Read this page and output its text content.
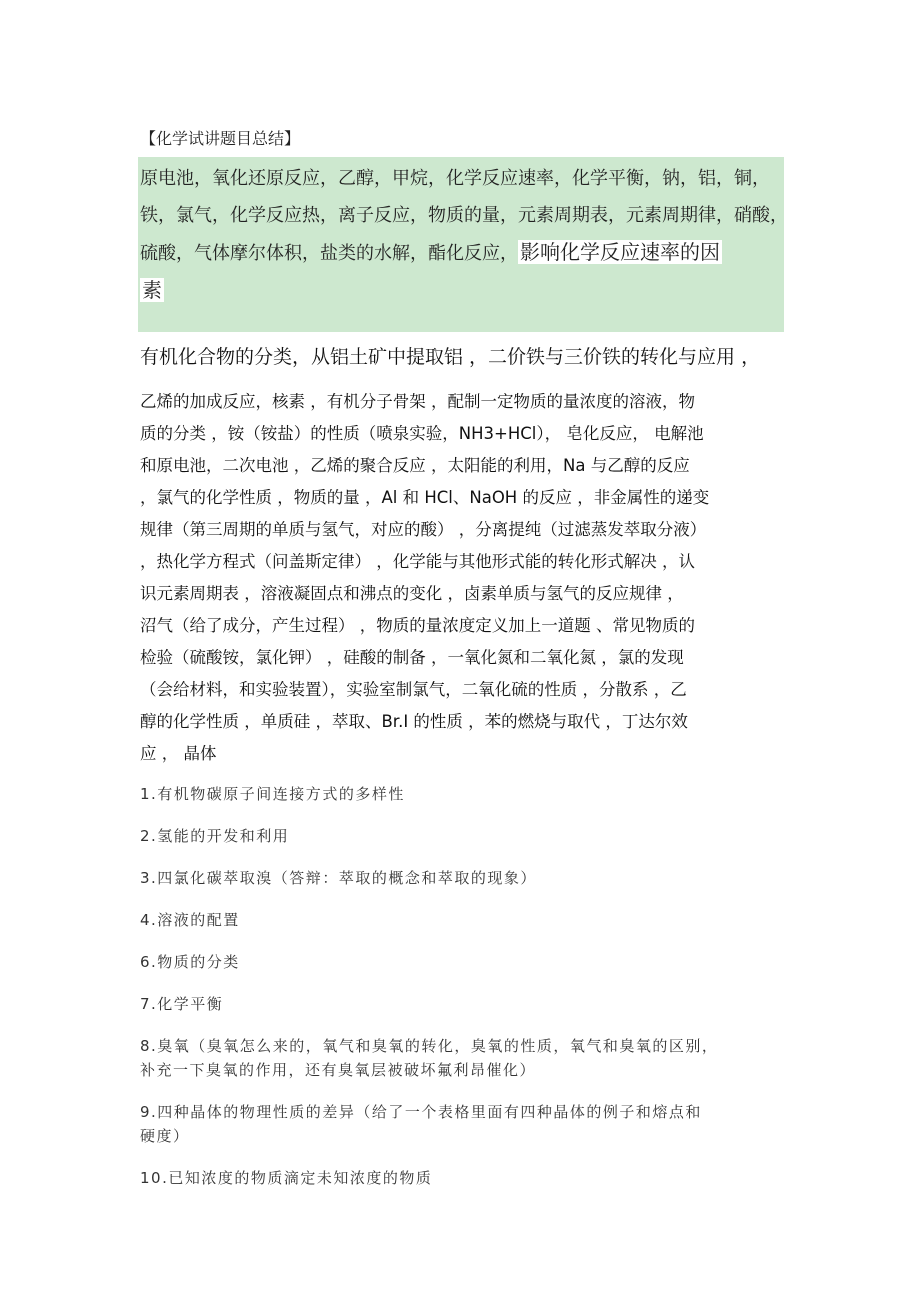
【化学试讲题目总结】
原电池，氧化还原反应，乙醇，甲烷，化学反应速率，化学平衡，钠，铝，铜，铁，氯气，化学反应热，离子反应，物质的量，元素周期表，元素周期律，硝酸，硫酸，气体摩尔体积，盐类的水解，酯化反应， 影响化学反应速率的因
素
有机化合物的分类，从铝土矿中提取铝 ，二价铁与三价铁的转化与应用 ，
乙烯的加成反应，核素 ，有机分子骨架 ，配制一定物质的量浓度的溶液，物
质的分类 ，铵（铵盐）的性质（喷泉实验，NH3+HCl）， 皂化反应， 电解池
和原电池，二次电池 ，乙烯的聚合反应 ，太阳能的利用，Na 与乙醇的反应
，氯气的化学性质 ，物质的量 ，Al 和 HCl、NaOH 的反应 ，非金属性的递变
规律（第三周期的单质与氢气，对应的酸） ，分离提纯（过滤蒸发萃取分液）
，热化学方程式（问盖斯定律） ，化学能与其他形式能的转化形式解决 ，认
识元素周期表 ，溶液凝固点和沸点的变化 ，卤素单质与氢气的反应规律 ，
沼气（给了成分，产生过程） ，物质的量浓度定义加上一道题 、常见物质的
检验（硫酸铵，氯化钾） ，硅酸的制备 ，一氧化氮和二氧化氮 ，氯的发现
（会给材料，和实验装置），实验室制氯气，二氧化硫的性质 ，分散系 ，乙
醇的化学性质 ，单质硅 ，萃取、Br.I 的性质 ，苯的燃烧与取代 ，丁达尔效
应 ， 晶体
1.有机物碳原子间连接方式的多样性
2.氢能的开发和利用
3.四氯化碳萃取溴（答辩：萃取的概念和萃取的现象）
4.溶液的配置
6.物质的分类
7.化学平衡
8.臭氧（臭氧怎么来的，氧气和臭氧的转化，臭氧的性质，氧气和臭氧的区别，
补充一下臭氧的作用，还有臭氧层被破坏氟利昂催化）
9.四种晶体的物理性质的差异（给了一个表格里面有四种晶体的例子和熔点和
硬度）
10.已知浓度的物质滴定未知浓度的物质
